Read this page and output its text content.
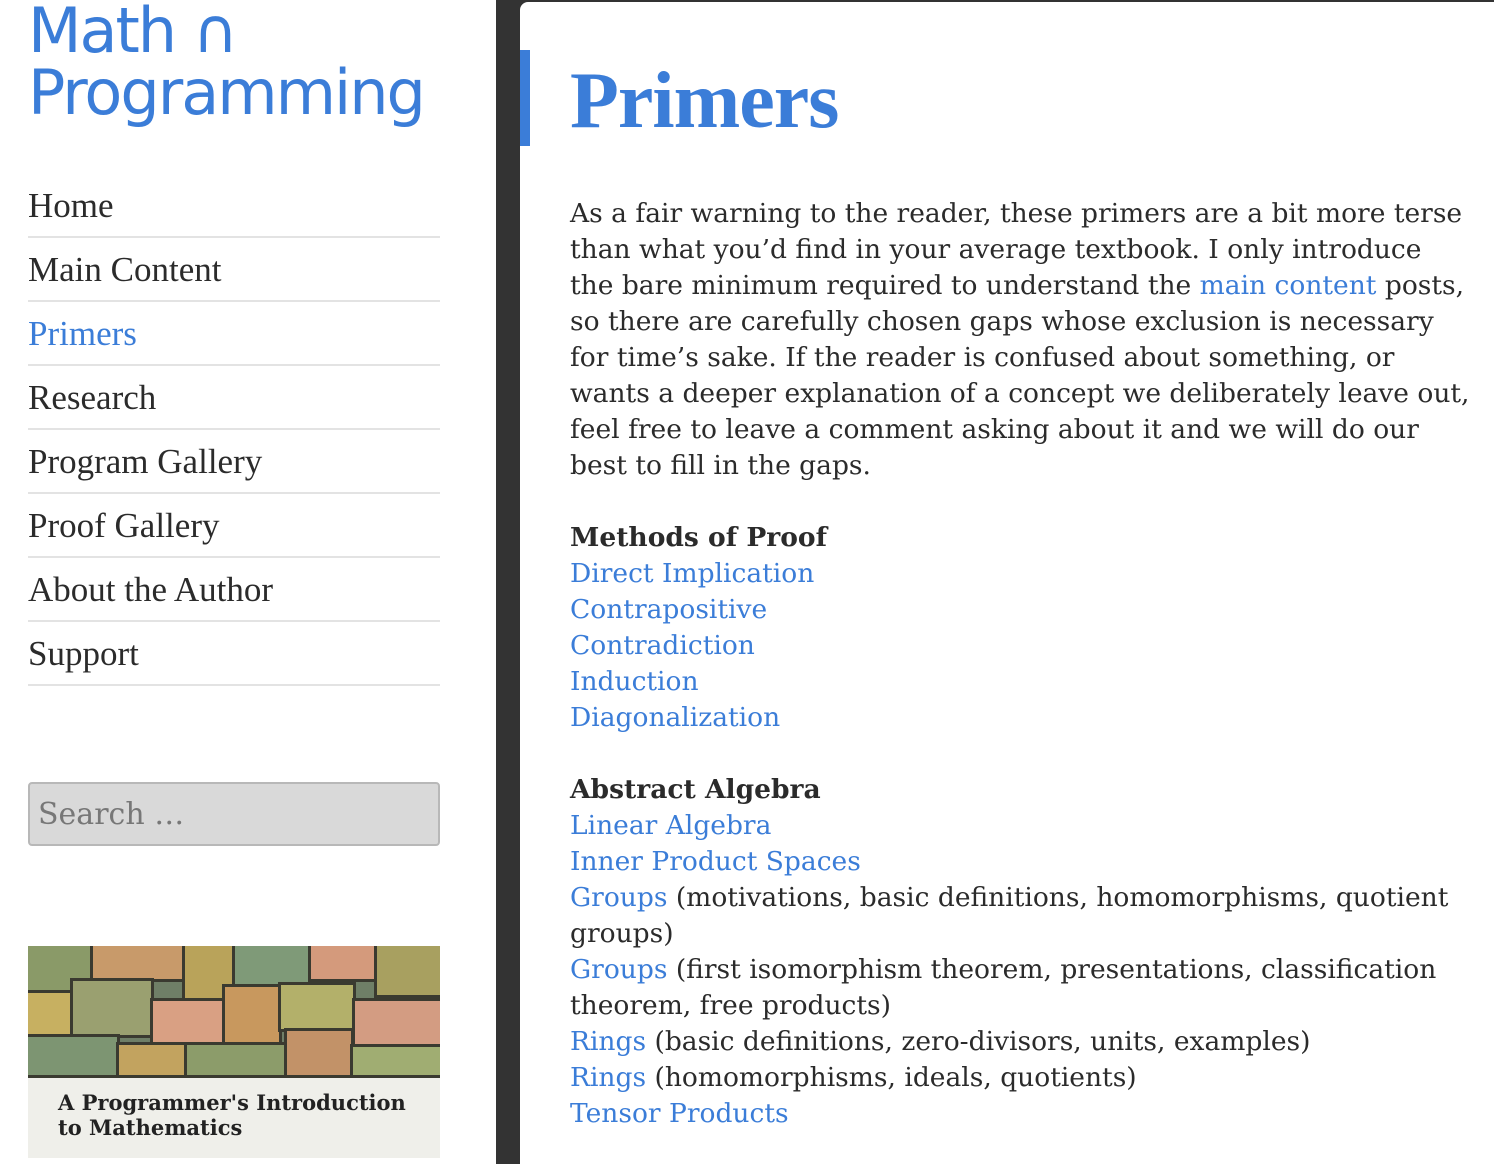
Math ∩
Programming
Home
Main Content
Primers
Research
Program Gallery
Proof Gallery
About the Author
Support
Search …
A Programmer's Introduction to Mathematics
Primers

As a fair warning to the reader, these primers are a bit more terse than what you’d find in your average textbook. I only introduce the bare minimum required to understand the main content posts, so there are carefully chosen gaps whose exclusion is necessary for time’s sake. If the reader is confused about something, or wants a deeper explanation of a concept we deliberately leave out, feel free to leave a comment asking about it and we will do our best to fill in the gaps.

Methods of Proof
Direct Implication
Contrapositive
Contradiction
Induction
Diagonalization
Abstract Algebra
Linear Algebra
Inner Product Spaces
Groups (motivations, basic definitions, homomorphisms, quotient groups)
Groups (first isomorphism theorem, presentations, classification theorem, free products)
Rings (basic definitions, zero-divisors, units, examples)
Rings (homomorphisms, ideals, quotients)
Tensor Products
